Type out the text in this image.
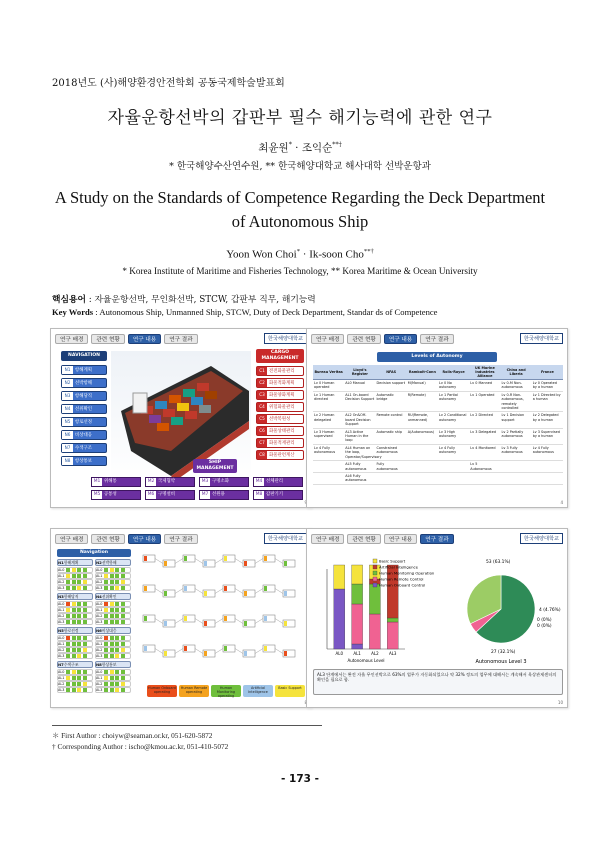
2018년도 (사)해양환경안전학회 공동국제학술발표회
자율운항선박의 갑판부 필수 해기능력에 관한 연구
최윤원* · 조익순**†
* 한국해양수산연수원, ** 한국해양대학교 해사대학 선박운항과
A Study on the Standards of Competence Regarding the Deck Department
of Autonomous Ship
Yoon Won Choi* · Ik-soon Cho**†
* Korea Institute of Maritime and Fisheries Technology, ** Korea Maritime & Ocean University
핵심용어 : 자율운항선박, 무인화선박, STCW, 갑판부 직무, 해기능력
Key Words : Autonomous Ship, Unmanned Ship, STCW, Duty of Deck Department, Standar ds of Competence
연구 배경	관련 현황	연구 내용	연구 결과	한국해양대학교
NAVIGATION
N1 항해계획
N2 선박항해
N3 항해당직
N4 선위확인
N5 항로선정
N6 비상대응
N7 수색구조
N8 항상통보
CARGO MANAGEMENT
C1 전전화물관리
C2 화물적화계획
C3 화물양화계획
C4 위험화물관리
C5 선박복원성
C6 화물상태관리
C7 화물적재관리
C8 화물관련계산
SHIP MANAGEMENT
M1 위해통	M2 국제협약	M3 구명소화	M4 선체관리
M5 공통성	M6 구명설비	M7 선원용	M8 갑판기기
연구 배경	관련 현황	연구 내용	연구 결과	한국해양대학교
Levels of Autonomy
Bureau Veritas	Lloyd's Register	NFAS	Rambolt-Conn	Rolls-Royce	UK Marine Industries Alliance	China and Liberia	France
Lv 0 Human operated	AL0 Manual	Decision support	M(Manual)	Lv 0 No autonomy	Lv 0 Manned	Lv 0-M Non-autonomous	Lv 0 Operated by a human
Lv 1 Human directed	AL1 On-board Decision Support	Automatic bridge	R(Remote)	Lv 1 Partial autonomy	Lv 1 Operated	Lv 0-R Non-autonomous, remotely controlled	Lv 1 Directed by a human
Lv 2 Human delegated	AL2 On&Off-board Decision Support	Remote control	RU(Remote, unmanned)	Lv 2 Conditional autonomy	Lv 2 Directed	Lv 1 Decision support	Lv 2 Delegated by a human
Lv 3 Human supervised	AL3 Active Human in the loop	Automatic ship	A(Autonomous)	Lv 3 High autonomy	Lv 3 Delegated	Lv 2 Partially autonomous	Lv 3 Supervised by a human
Lv 4 Fully autonomous	AL4 Human on the loop, Operator/Supervisory	Constrained autonomous		Lv 4 Fully autonomy	Lv 4 Monitored	Lv 3 Fully autonomous	Lv 4 Fully autonomous
	AL5 Fully autonomous	Fully autonomous			Lv 5 Autonomous		
	AL6 Fully autonomous						
4
연구 배경	관련 현황	연구 내용	연구 결과	한국해양대학교
Navigation
N1항해계획
AL0
AL1
AL2
AL3
N2선박항해
AL0
AL1
AL2
AL3
N3항해당직
AL0
AL1
AL2
AL3
N4선위확인
AL0
AL1
AL2
AL3
N5항로선정
AL0
AL1
AL2
AL3
N6비상대응
AL0
AL1
AL2
AL3
N7수색구조
AL0
AL1
AL2
AL3
N8항상통보
AL0
AL1
AL2
AL3	Human Onboard operating
Human Remote operating
Human Monitoring operating
Artificial Intelligence
Basic Support
한국해양대학교
연구 배경	관련 현황	연구 내용	연구 결과
AL0	AL1	AL2	AL3
Autonomous Level
Basic Support
Artificial Intelligence
Human Monitoring Operation
Human Remote Control
Human Onboard Control
53 (63.1%)
4 (4.76%)
0 (0%)
0 (0%)
27 (32.1%)
Autonomous Level 3
AL3 단계에서는 완전 자율 무인선박으로 63%의 업무가 자동화되었으나 약 32% 정도의 업무에 대해서는 계속해서 육상관제센터의 확인을 필요로 함.
10
＊ First Author : choiyw@seaman.or.kr, 051-620-5872
† Corresponding Author : ischo@kmou.ac.kr, 051-410-5072
- 173 -
